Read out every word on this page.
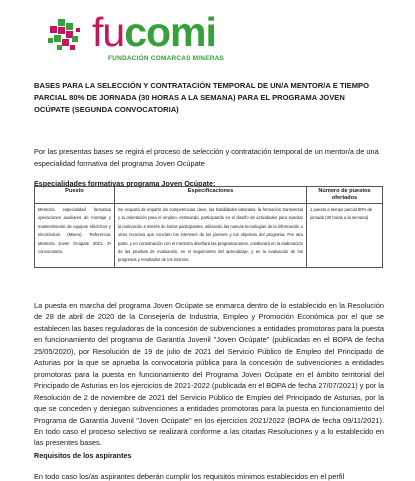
fucomi
FUNDACIÓN COMARCAS MINERAS
BASES PARA LA SELECCIÓN Y CONTRATACIÓN TEMPORAL DE UN/A MENTOR/A E TIEMPO PARCIAL 80% DE JORNADA (30 HORAS A LA SEMANA) PARA EL PROGRAMA JOVEN OCÚPATE (SEGUNDA CONVOCATORIA)

Por las presentas bases se regirá el proceso de selección y contratación temporal de un mentor/a de una especialidad formativa del programa Joven Ocúpate

Especialidades formativas programa Joven Ocúpate:
Puesto	Especificaciones	Número de puestos ofertados
Mentor/a especialidad formativa operaciones auxiliares de montaje y mantenimiento de equipos eléctricos y electrónicos (Mieeo). Referencia: Mentor/a Joven Ocúpate 2021. 2ª convocatoria.	Se ocupará de impartir las competencias clave, las habilidades laborales, la formación transversal y la orientación para el empleo, estimando, participando en el diseño de actividades para suscitar la motivación e interés de los/as participantes, utilizando las nuevas tecnologías de la información u otros recursos que conciten los intereses de los jóvenes y los objetivos del programa. Por otra parte, y en coordinación con el mentor/a diseñará las programaciones, colaborará en la elaboración de las pruebas de evaluación, en el seguimiento del aprendizaje, y en la evaluación de los progresos y resultados de los mismos.	1 puesto a tiempo parcial 80% de jornada (30 horas a la semana)

La puesta en marcha del programa Joven Ocúpate se enmarca dentro de lo establecido en la Resolución de 28 de abril de 2020 de la Consejería de Industria, Empleo y Promoción Económica por el que se establecen las bases reguladoras de la concesión de subvenciones a entidades promotoras para la puesta en funcionamiento del programa de Garantía Juvenil "Joven Ocúpate" (publicadas en el BOPA de fecha 25/05/2020), por Resolución de 19 de julio de 2021 del Servicio Público de Empleo del Principado de Asturias por la que se aprueba la convocatoria pública para la concesión de subvenciones a entidades promotoras para la puesta en funcionamiento del Programa Joven Ocúpate en el ámbito territorial del Principado de Asturias en los ejercicios de 2021-2022 (publicada en el BOPA de fecha 27/07/2021) y por la Resolución de 2 de noviembre de 2021 del Servicio Público de Empleo del Principado de Asturias, por la que se conceden y deniegan subvenciones a entidades promotoras para la puesta en funcionamiento del Programa de Garantía Juvenil "Joven Ocúpate" en los ejercicios 2021/2022 (BOPA de fecha 09/11/2021). En todo caso el proceso selectivo se realizará conforme a las citadas Resoluciones y a lo establecido en las presentes bases.

Requisitos de los aspirantes
En todo caso los/as aspirantes deberán cumplir los requisitos mínimos establecidos en el perfil
